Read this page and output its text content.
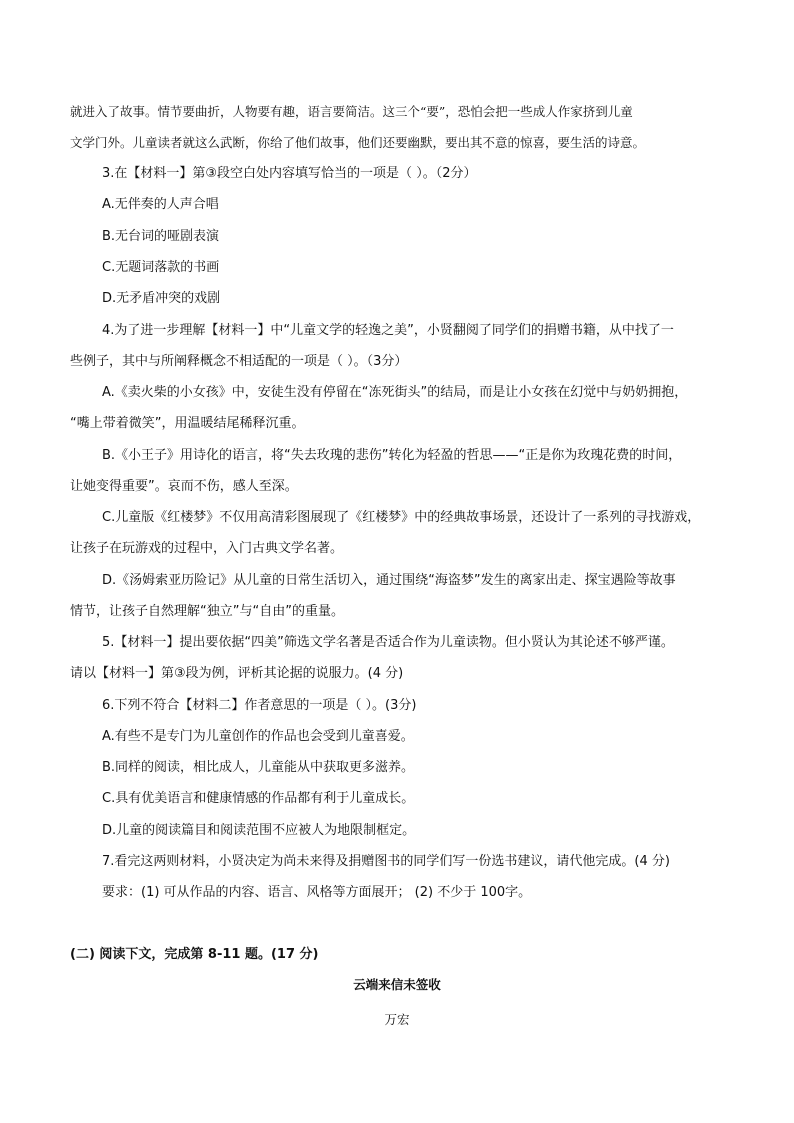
就进入了故事。情节要曲折，人物要有趣，语言要简洁。这三个“要”，恐怕会把一些成人作家挤到儿童
文学门外。儿童读者就这么武断，你给了他们故事，他们还要幽默，要出其不意的惊喜，要生活的诗意。
3.在【材料一】第③段空白处内容填写恰当的一项是（ ）。（2分）
A.无伴奏的人声合唱
B.无台词的哑剧表演
C.无题词落款的书画
D.无矛盾冲突的戏剧
4.为了进一步理解【材料一】中“儿童文学的轻逸之美”，小贤翻阅了同学们的捐赠书籍，从中找了一
些例子，其中与所阐释概念不相适配的一项是（ ）。（3分）
A.《卖火柴的小女孩》中，安徒生没有停留在“冻死街头”的结局，而是让小女孩在幻觉中与奶奶拥抱，
“嘴上带着微笑”，用温暖结尾稀释沉重。
B.《小王子》用诗化的语言，将“失去玫瑰的悲伤”转化为轻盈的哲思——“正是你为玫瑰花费的时间，
让她变得重要”。哀而不伤，感人至深。
C.儿童版《红楼梦》不仅用高清彩图展现了《红楼梦》中的经典故事场景，还设计了一系列的寻找游戏，
让孩子在玩游戏的过程中，入门古典文学名著。
D.《汤姆索亚历险记》从儿童的日常生活切入，通过围绕“海盗梦”发生的离家出走、探宝遇险等故事
情节，让孩子自然理解“独立”与“自由”的重量。
5.【材料一】提出要依据“四美”筛选文学名著是否适合作为儿童读物。但小贤认为其论述不够严谨。
请以【材料一】第③段为例，评析其论据的说服力。(4 分)
6.下列不符合【材料二】作者意思的一项是（ ）。(3分)
A.有些不是专门为儿童创作的作品也会受到儿童喜爱。
B.同样的阅读，相比成人，儿童能从中获取更多滋养。
C.具有优美语言和健康情感的作品都有利于儿童成长。
D.儿童的阅读篇目和阅读范围不应被人为地限制框定。
7.看完这两则材料，小贤决定为尚未来得及捐赠图书的同学们写一份选书建议，请代他完成。(4 分)
要求：(1) 可从作品的内容、语言、风格等方面展开； (2) 不少于 100字。
(二) 阅读下文，完成第 8-11 题。(17 分)
云端来信未签收
万宏
